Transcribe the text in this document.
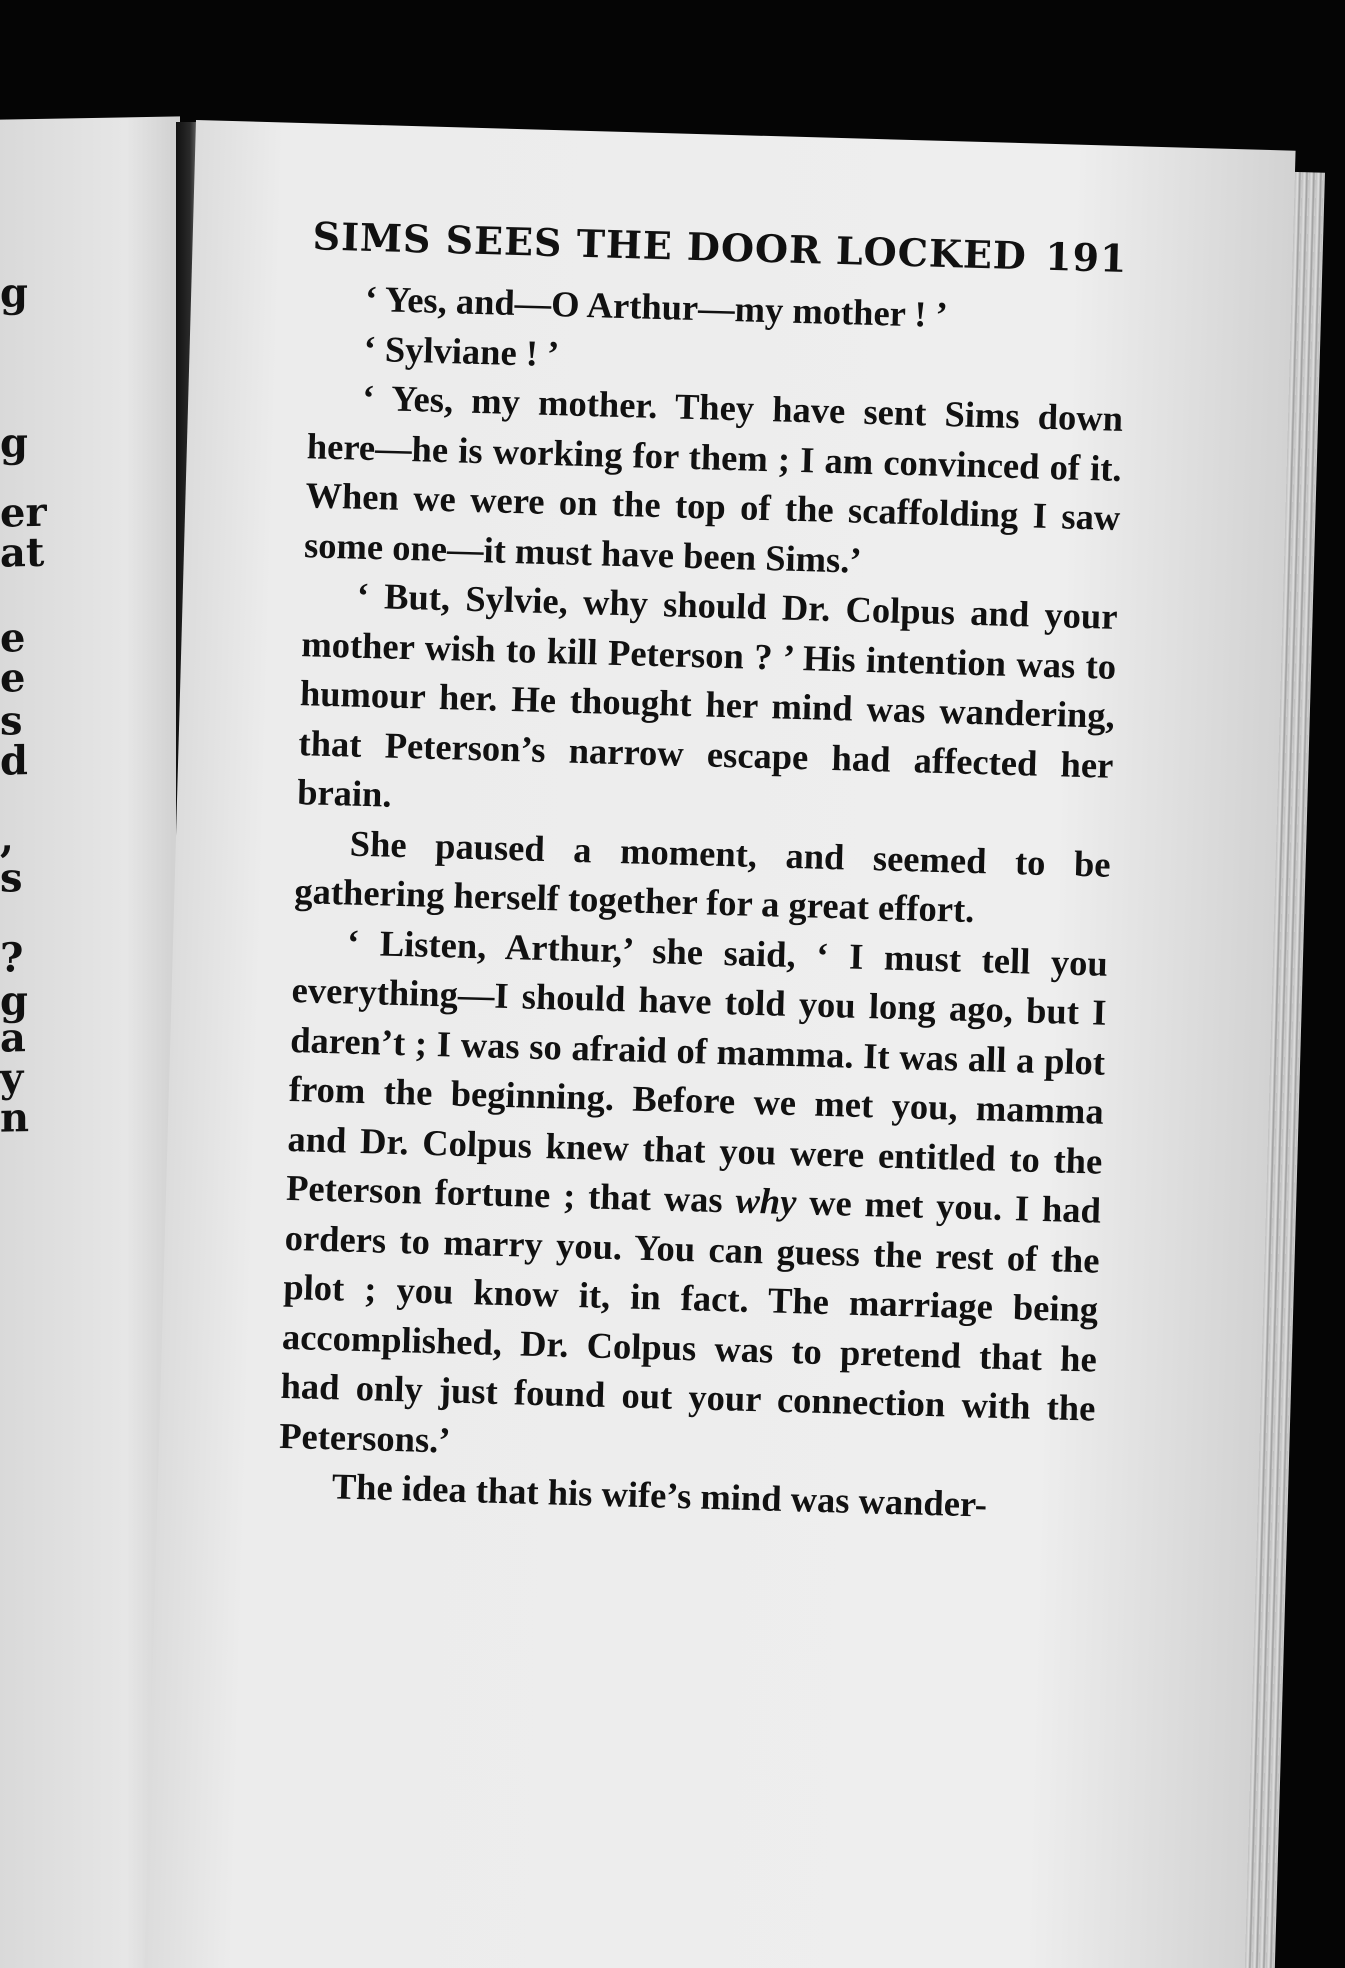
g
g
er
at
e
e
s
d
,
s
?
g
a
y
n
SIMS SEES THE DOOR LOCKED 191

‘ Yes, and—O Arthur—my mother ! ’

‘ Sylviane ! ’

‘ Yes, my mother. They have sent Sims down here—he is working for them ; I am convinced of it. When we were on the top of the scaffolding I saw some one—it must have been Sims.’

‘ But, Sylvie, why should Dr. Colpus and your mother wish to kill Peterson ? ’ His intention was to humour her. He thought her mind was wandering, that Peterson’s narrow escape had affected her brain.

She paused a moment, and seemed to be gathering herself together for a great effort.

‘ Listen, Arthur,’ she said, ‘ I must tell you everything—I should have told you long ago, but I daren’t ; I was so afraid of mamma. It was all a plot from the beginning. Before we met you, mamma and Dr. Colpus knew that you were entitled to the Peterson fortune ; that was why we met you. I had orders to marry you. You can guess the rest of the plot ; you know it, in fact. The marriage being accomplished, Dr. Colpus was to pretend that he had only just found out your connection with the Petersons.’

The idea that his wife’s mind was wander-
